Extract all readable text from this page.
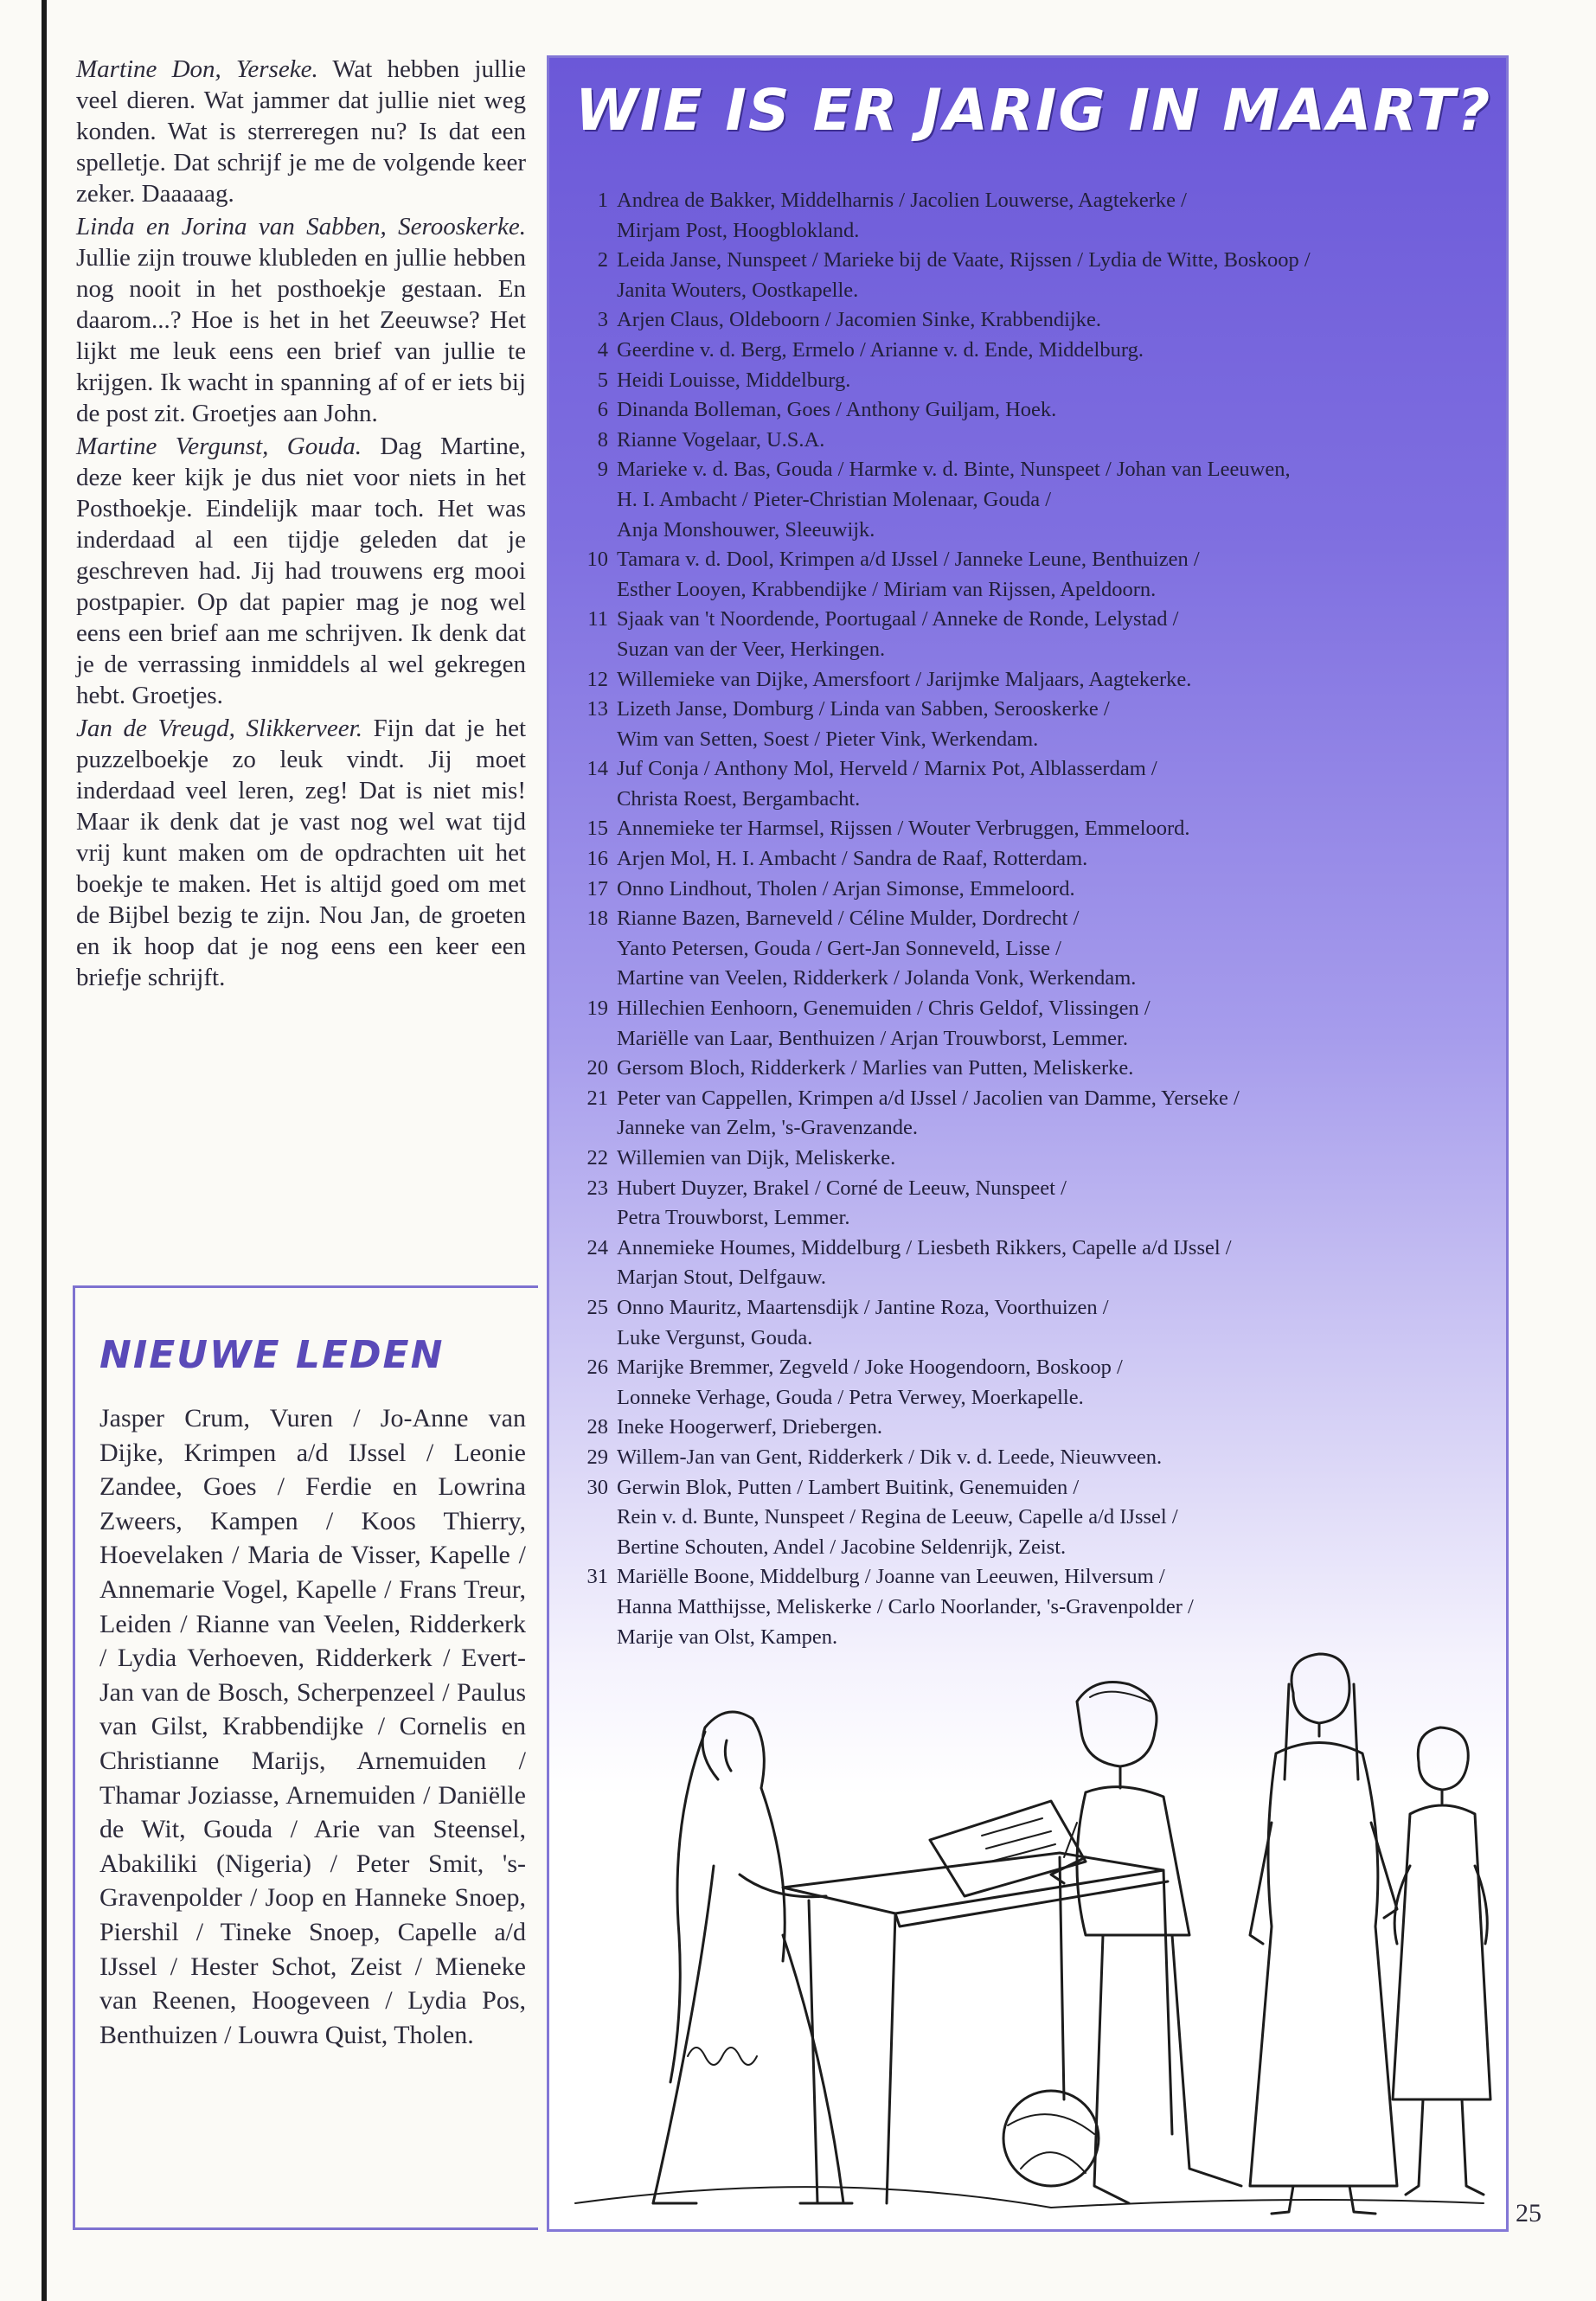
Martine Don, Yerseke. Wat hebben jullie veel dieren. Wat jammer dat jullie niet weg konden. Wat is sterreregen nu? Is dat een spelletje. Dat schrijf je me de volgende keer zeker. Daaaaag.

Linda en Jorina van Sabben, Serooskerke. Jullie zijn trouwe klubleden en jullie hebben nog nooit in het posthoekje gestaan. En daarom...? Hoe is het in het Zeeuwse? Het lijkt me leuk eens een brief van jullie te krijgen. Ik wacht in spanning af of er iets bij de post zit. Groetjes aan John.

Martine Vergunst, Gouda. Dag Martine, deze keer kijk je dus niet voor niets in het Posthoekje. Eindelijk maar toch. Het was inderdaad al een tijdje geleden dat je geschreven had. Jij had trouwens erg mooi postpapier. Op dat papier mag je nog wel eens een brief aan me schrijven. Ik denk dat je de verrassing inmiddels al wel gekregen hebt. Groetjes.

Jan de Vreugd, Slikkerveer. Fijn dat je het puzzelboekje zo leuk vindt. Jij moet inderdaad veel leren, zeg! Dat is niet mis! Maar ik denk dat je vast nog wel wat tijd vrij kunt maken om de opdrachten uit het boekje te maken. Het is altijd goed om met de Bijbel bezig te zijn. Nou Jan, de groeten en ik hoop dat je nog eens een keer een briefje schrijft.

NIEUWE LEDEN

Jasper Crum, Vuren / Jo-Anne van Dijke, Krimpen a/d IJssel / Leonie Zandee, Goes / Ferdie en Lowrina Zweers, Kampen / Koos Thierry, Hoevelaken / Maria de Visser, Kapelle / Annemarie Vogel, Kapelle / Frans Treur, Leiden / Rianne van Veelen, Ridderkerk / Lydia Verhoeven, Ridderkerk / Evert-Jan van de Bosch, Scherpenzeel / Paulus van Gilst, Krabbendijke / Cornelis en Christianne Marijs, Arnemuiden / Thamar Joziasse, Arnemuiden / Daniëlle de Wit, Gouda / Arie van Steensel, Abakiliki (Nigeria) / Peter Smit, 's-Gravenpolder / Joop en Hanneke Snoep, Piershil / Tineke Snoep, Capelle a/d IJssel / Hester Schot, Zeist / Mieneke van Reenen, Hoogeveen / Lydia Pos, Benthuizen / Louwra Quist, Tholen.

WIE IS ER JARIG IN MAART?
1 Andrea de Bakker, Middelharnis / Jacolien Louwerse, Aagtekerke /
Mirjam Post, Hoogblokland.
2 Leida Janse, Nunspeet / Marieke bij de Vaate, Rijssen / Lydia de Witte, Boskoop /
Janita Wouters, Oostkapelle.
3 Arjen Claus, Oldeboorn / Jacomien Sinke, Krabbendijke.
4 Geerdine v. d. Berg, Ermelo / Arianne v. d. Ende, Middelburg.
5 Heidi Louisse, Middelburg.
6 Dinanda Bolleman, Goes / Anthony Guiljam, Hoek.
8 Rianne Vogelaar, U.S.A.
9 Marieke v. d. Bas, Gouda / Harmke v. d. Binte, Nunspeet / Johan van Leeuwen,
H. I. Ambacht / Pieter-Christian Molenaar, Gouda /
Anja Monshouwer, Sleeuwijk.
10 Tamara v. d. Dool, Krimpen a/d IJssel / Janneke Leune, Benthuizen /
Esther Looyen, Krabbendijke / Miriam van Rijssen, Apeldoorn.
11 Sjaak van 't Noordende, Poortugaal / Anneke de Ronde, Lelystad /
Suzan van der Veer, Herkingen.
12 Willemieke van Dijke, Amersfoort / Jarijmke Maljaars, Aagtekerke.
13 Lizeth Janse, Domburg / Linda van Sabben, Serooskerke /
Wim van Setten, Soest / Pieter Vink, Werkendam.
14 Juf Conja / Anthony Mol, Herveld / Marnix Pot, Alblasserdam /
Christa Roest, Bergambacht.
15 Annemieke ter Harmsel, Rijssen / Wouter Verbruggen, Emmeloord.
16 Arjen Mol, H. I. Ambacht / Sandra de Raaf, Rotterdam.
17 Onno Lindhout, Tholen / Arjan Simonse, Emmeloord.
18 Rianne Bazen, Barneveld / Céline Mulder, Dordrecht /
Yanto Petersen, Gouda / Gert-Jan Sonneveld, Lisse /
Martine van Veelen, Ridderkerk / Jolanda Vonk, Werkendam.
19 Hillechien Eenhoorn, Genemuiden / Chris Geldof, Vlissingen /
Mariëlle van Laar, Benthuizen / Arjan Trouwborst, Lemmer.
20 Gersom Bloch, Ridderkerk / Marlies van Putten, Meliskerke.
21 Peter van Cappellen, Krimpen a/d IJssel / Jacolien van Damme, Yerseke /
Janneke van Zelm, 's-Gravenzande.
22 Willemien van Dijk, Meliskerke.
23 Hubert Duyzer, Brakel / Corné de Leeuw, Nunspeet /
Petra Trouwborst, Lemmer.
24 Annemieke Houmes, Middelburg / Liesbeth Rikkers, Capelle a/d IJssel /
Marjan Stout, Delfgauw.
25 Onno Mauritz, Maartensdijk / Jantine Roza, Voorthuizen /
Luke Vergunst, Gouda.
26 Marijke Bremmer, Zegveld / Joke Hoogendoorn, Boskoop /
Lonneke Verhage, Gouda / Petra Verwey, Moerkapelle.
28 Ineke Hoogerwerf, Driebergen.
29 Willem-Jan van Gent, Ridderkerk / Dik v. d. Leede, Nieuwveen.
30 Gerwin Blok, Putten / Lambert Buitink, Genemuiden /
Rein v. d. Bunte, Nunspeet / Regina de Leeuw, Capelle a/d IJssel /
Bertine Schouten, Andel / Jacobine Seldenrijk, Zeist.
31 Mariëlle Boone, Middelburg / Joanne van Leeuwen, Hilversum /
Hanna Matthijsse, Meliskerke / Carlo Noorlander, 's-Gravenpolder /
Marije van Olst, Kampen.
25
